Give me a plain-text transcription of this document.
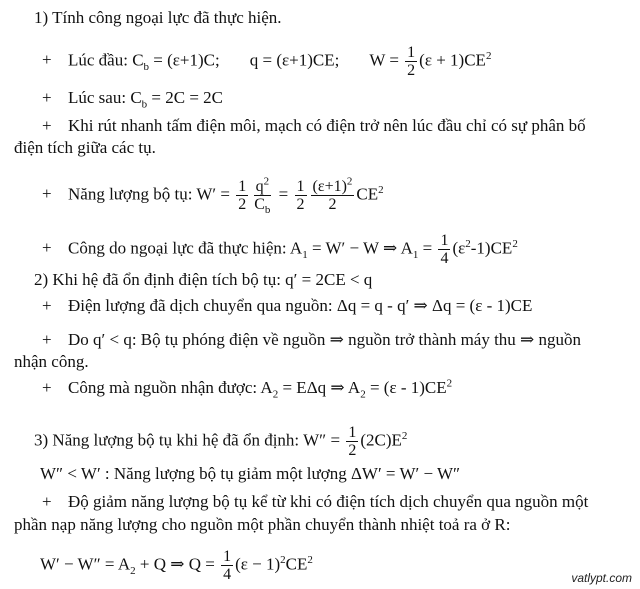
1) Tính công ngoại lực đã thực hiện.
+ Lúc đầu: $C_b = (\varepsilon+1)C$; q = (ε+1)CE; $W = \frac{1}{2} (\varepsilon + 1)CE^2$
+ Lúc sau: $C_b = 2C = 2C$
+ Khi rút nhanh tấm điện môi, mạch có điện trở nên lúc đầu chỉ có sự phân bố
điện tích giữa các tụ.
+ Năng lượng bộ tụ: $W' = \frac{1}{2} \frac{q^2}{C_b} = \frac{1}{2} \frac{(\varepsilon+1)^2}{2} CE^2$
+ Công do ngoại lực đã thực hiện: $A_1 = W' - W$ ⇒ $A_1 = \frac{1}{4} (\varepsilon^2-1)CE^2$
2) Khi hệ đã ổn định điện tích bộ tụ: q′ = 2CE < q
+ Điện lượng đã dịch chuyển qua nguồn: Δq = q - q′ ⇒ Δq = (ε - 1)CE
+ Do q′ < q: Bộ tụ phóng điện về nguồn ⇒ nguồn trở thành máy thu ⇒ nguồn
nhận công.
+ Công mà nguồn nhận được: $A_2 = E\Delta q$ ⇒ $A_2 = (\varepsilon - 1)CE^2$
3) Năng lượng bộ tụ khi hệ đã ổn định: $W'' = \frac{1}{2} (2C)E^2$
W″ < W′ : Năng lượng bộ tụ giảm một lượng ΔW′ = W′ − W″
+ Độ giảm năng lượng bộ tụ kể từ khi có điện tích dịch chuyển qua nguồn một
phần nạp năng lượng cho nguồn một phần chuyển thành nhiệt toả ra ở R:
$W' - W'' = A_2 + Q$ ⇒ $Q = \frac{1}{4} (\varepsilon - 1)^2CE^2$
vatlypt.com
